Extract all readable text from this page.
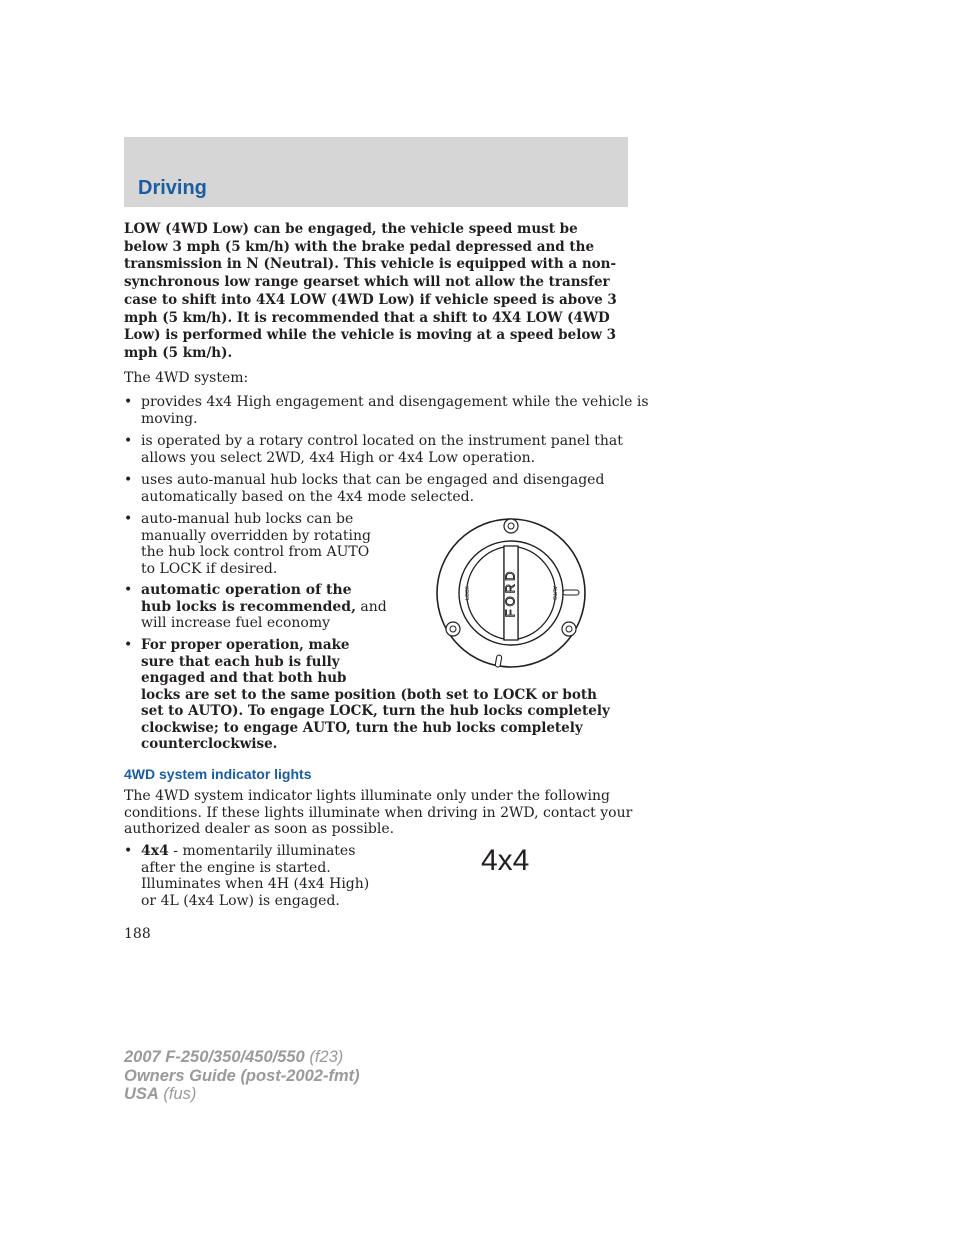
Driving

LOW (4WD Low) can be engaged, the vehicle speed must be below 3 mph (5 km/h) with the brake pedal depressed and the transmission in N (Neutral). This vehicle is equipped with a non-synchronous low range gearset which will not allow the transfer case to shift into 4X4 LOW (4WD Low) if vehicle speed is above 3 mph (5 km/h). It is recommended that a shift to 4X4 LOW (4WD Low) is performed while the vehicle is moving at a speed below 3 mph (5 km/h).

The 4WD system:

• provides 4x4 High engagement and disengagement while the vehicle is
moving.
• is operated by a rotary control located on the instrument panel that
allows you select 2WD, 4x4 High or 4x4 Low operation.
• uses auto-manual hub locks that can be engaged and disengaged
automatically based on the 4x4 mode selected.
• auto-manual hub locks can be
manually overridden by rotating
the hub lock control from AUTO
to LOCK if desired.
• automatic operation of the
hub locks is recommended, and
will increase fuel economy
• For proper operation, make
sure that each hub is fully
engaged and that both hub
locks are set to the same position (both set to LOCK or both
set to AUTO). To engage LOCK, turn the hub locks completely
clockwise; to engage AUTO, turn the hub locks completely
counterclockwise.
FORD
LOCK	AUTO
4WD system indicator lights

The 4WD system indicator lights illuminate only under the following
conditions. If these lights illuminate when driving in 2WD, contact your
authorized dealer as soon as possible.

• 4x4 - momentarily illuminates
after the engine is started.
Illuminates when 4H (4x4 High)
or 4L (4x4 Low) is engaged.
4x4
188
2007 F-250/350/450/550 (f23)
Owners Guide (post-2002-fmt)
USA (fus)
